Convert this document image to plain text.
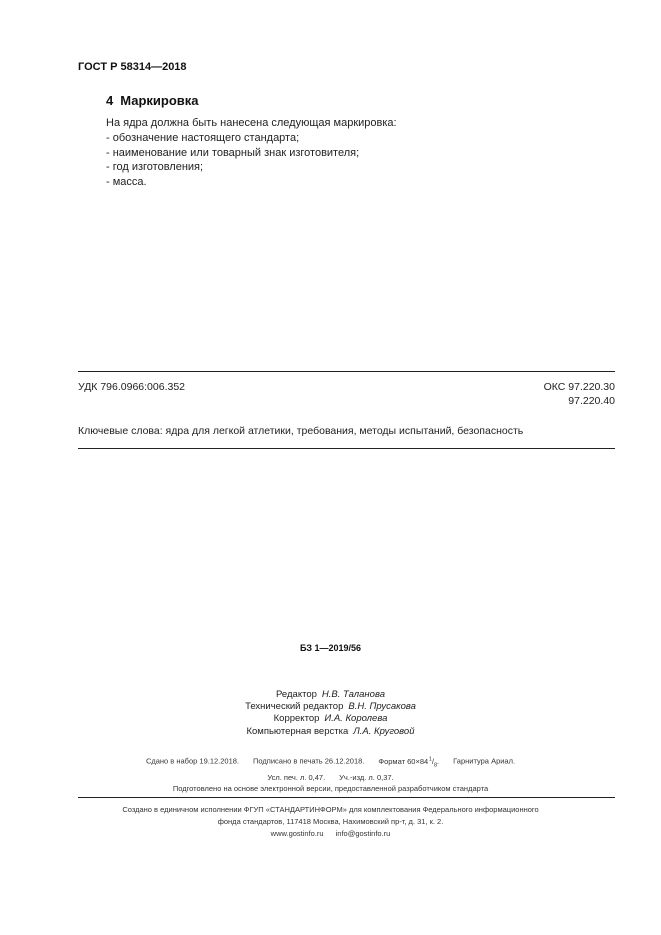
ГОСТ Р 58314—2018
4 Маркировка
На ядра должна быть нанесена следующая маркировка:
- обозначение настоящего стандарта;
- наименование или товарный знак изготовителя;
- год изготовления;
- масса.
УДК 796.0966:006.352	ОКС 97.220.30
97.220.40
Ключевые слова: ядра для легкой атлетики, требования, методы испытаний, безопасность
БЗ 1—2019/56
Редактор Н.В. Таланова
Технический редактор В.Н. Прусакова
Корректор И.А. Королева
Компьютерная верстка Л.А. Круговой
Сдано в набор 19.12.2018. Подписано в печать 26.12.2018. Формат 60×84 $^1/_8$. Гарнитура Ариал.
Усл. печ. л. 0,47. Уч.-изд. л. 0,37.
Подготовлено на основе электронной версии, предоставленной разработчиком стандарта
Создано в единичном исполнении ФГУП «СТАНДАРТИНФОРМ» для комплектования Федерального информационного
фонда стандартов, 117418 Москва, Нахимовский пр-т, д. 31, к. 2.
www.gostinfo.ru info@gostinfo.ru
